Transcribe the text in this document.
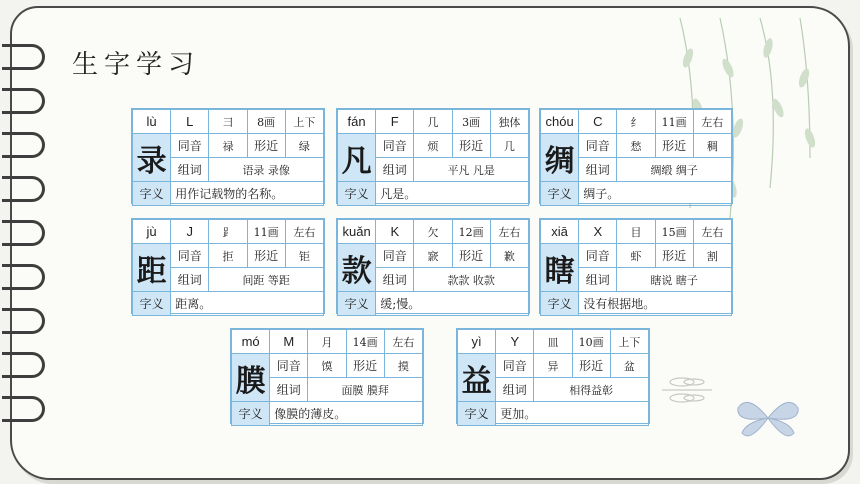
生字学习
lù	L	彐	8画	上下
录	同音	禄	形近	绿
	组词	语录 录像		
字义	用作记载物的名称。			
fán	F	几	3画	独体
凡	同音	烦	形近	几
	组词	平凡 凡是		
字义	凡是。			
chóu	C	纟	11画	左右
绸	同音	愁	形近	稠
	组词	绸缎 绸子		
字义	绸子。			
jù	J	⻊	11画	左右
距	同音	拒	形近	钜
	组词	间距 等距		
字义	距离。			
kuǎn	K	欠	12画	左右
款	同音	窾	形近	歉
	组词	款款 收款		
字义	缓;慢。			
xiā	X	目	15画	左右
瞎	同音	虾	形近	割
	组词	瞎说 瞎子		
字义	没有根据地。			
mó	M	月	14画	左右
膜	同音	馍	形近	摸
	组词	面膜 膜拜		
字义	像膜的薄皮。			
yì	Y	皿	10画	上下
益	同音	异	形近	盆
	组词	相得益彰		
字义	更加。			
